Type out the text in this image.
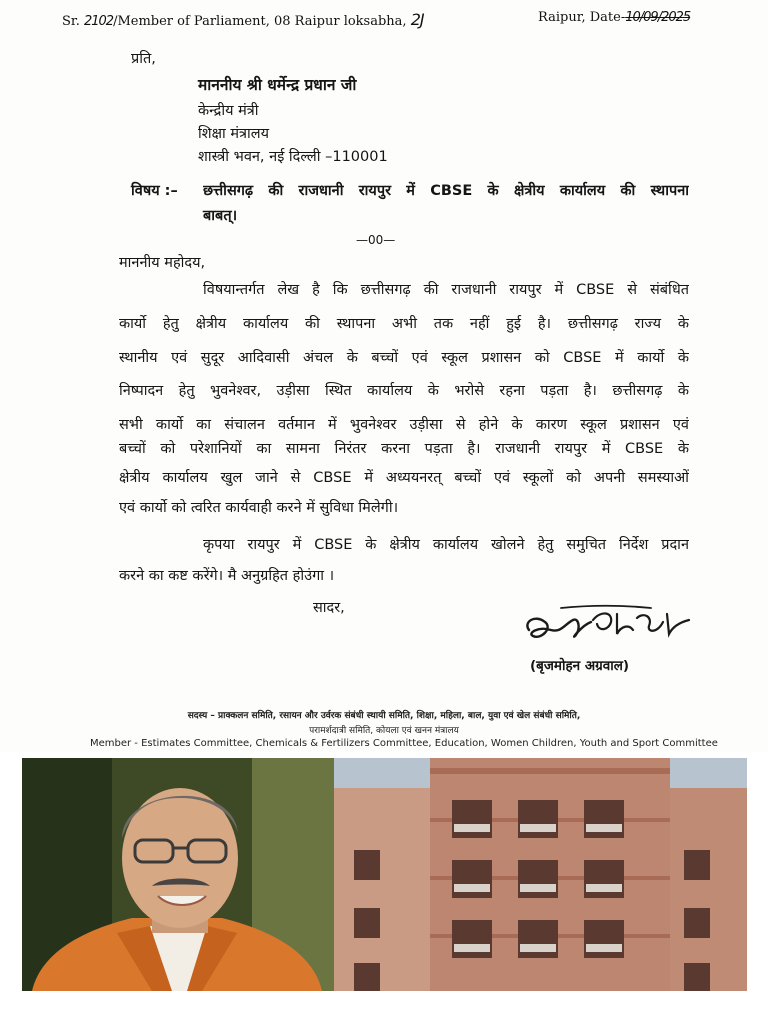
Sr. 2102/Member of Parliament, 08 Raipur loksabha, 2J	Raipur, Date-10/09/2025
प्रति,
माननीय श्री धर्मेन्द्र प्रधान जी
केन्द्रीय मंत्री
शिक्षा मंत्रालय
शास्त्री भवन, नई दिल्ली –110001
विषय :– छत्तीसगढ़ की राजधानी रायपुर में CBSE के क्षेत्रीय कार्यालय की स्थापना
बाबत्।
—00—
माननीय महोदय,
विषयान्तर्गत लेख है कि छत्तीसगढ़ की राजधानी रायपुर में CBSE से संबंधित
कार्यो हेतु क्षेत्रीय कार्यालय की स्थापना अभी तक नहीं हुई है। छत्तीसगढ़ राज्य के
स्थानीय एवं सुदूर आदिवासी अंचल के बच्चों एवं स्कूल प्रशासन को CBSE में कार्यो के
निष्पादन हेतु भुवनेश्वर, उड़ीसा स्थित कार्यालय के भरोसे रहना पड़ता है। छत्तीसगढ़ के
सभी कार्यो का संचालन वर्तमान में भुवनेश्वर उड़ीसा से होने के कारण स्कूल प्रशासन एवं
बच्चों को परेशानियों का सामना निरंतर करना पड़ता है। राजधानी रायपुर में CBSE के
क्षेत्रीय कार्यालय खुल जाने से CBSE में अध्ययनरत् बच्चों एवं स्कूलों को अपनी समस्याओं
एवं कार्यो को त्वरित कार्यवाही करने में सुविधा मिलेगी।
कृपया रायपुर में CBSE के क्षेत्रीय कार्यालय खोलने हेतु समुचित निर्देश प्रदान
करने का कष्ट करेंगे। मै अनुग्रहित होउंगा ।
सादर,
(बृजमोहन अग्रवाल)
सदस्य – प्राक्कलन समिति, रसायन और उर्वरक संबंधी स्थायी समिति, शिक्षा, महिला, बाल, युवा एवं खेल संबंधी समिति,
परामर्शदात्री समिति, कोयला एवं खनन मंत्रालय
Member - Estimates Committee, Chemicals & Fertilizers Committee, Education, Women Children, Youth and Sport Committee
